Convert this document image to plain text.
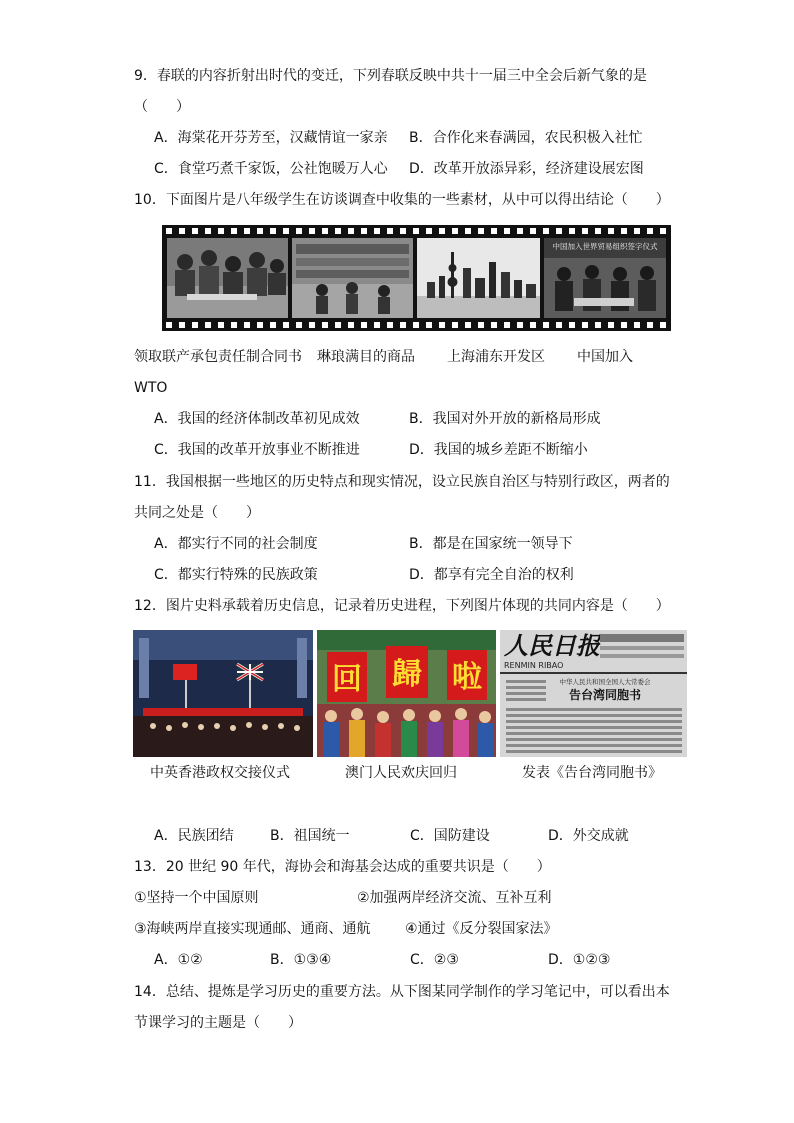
9．春联的内容折射出时代的变迁，下列春联反映中共十一届三中全会后新气象的是
（　　）
A．海棠花开芬芳至，汉藏情谊一家亲 B．合作化来春满园，农民积极入社忙
C．食堂巧煮千家饭，公社饱暖万人心 D．改革开放添异彩，经济建设展宏图
10．下面图片是八年级学生在访谈调查中收集的一些素材，从中可以得出结论（　　）
中国加入世界贸易组织签字仪式
领取联产承包责任制合同书 琳琅满目的商品 上海浦东开发区 中国加入
WTO
A．我国的经济体制改革初见成效	B．我国对外开放的新格局形成
C．我国的改革开放事业不断推进	D．我国的城乡差距不断缩小
11．我国根据一些地区的历史特点和现实情况，设立民族自治区与特别行政区，两者的
共同之处是（　　）
A．都实行不同的社会制度	B．都是在国家统一领导下
C．都实行特殊的民族政策	D．都享有完全自治的权利
12．图片史料承载着历史信息，记录着历史进程，下列图片体现的共同内容是（　　）
回 歸 啦
人民日报
RENMIN RIBAO
中华人民共和国全国人大常委会
告台湾同胞书
中英香港政权交接仪式	澳门人民欢庆回归	发表《告台湾同胞书》
A．民族团结	B．祖国统一	C．国防建设	D．外交成就
13．20 世纪 90 年代，海协会和海基会达成的重要共识是（　　）
①坚持一个中国原则	②加强两岸经济交流、互补互利
③海峡两岸直接实现通邮、通商、通航 ④通过《反分裂国家法》
A．①②	B．①③④	C．②③	D．①②③
14．总结、提炼是学习历史的重要方法。从下图某同学制作的学习笔记中，可以看出本
节课学习的主题是（　　）
